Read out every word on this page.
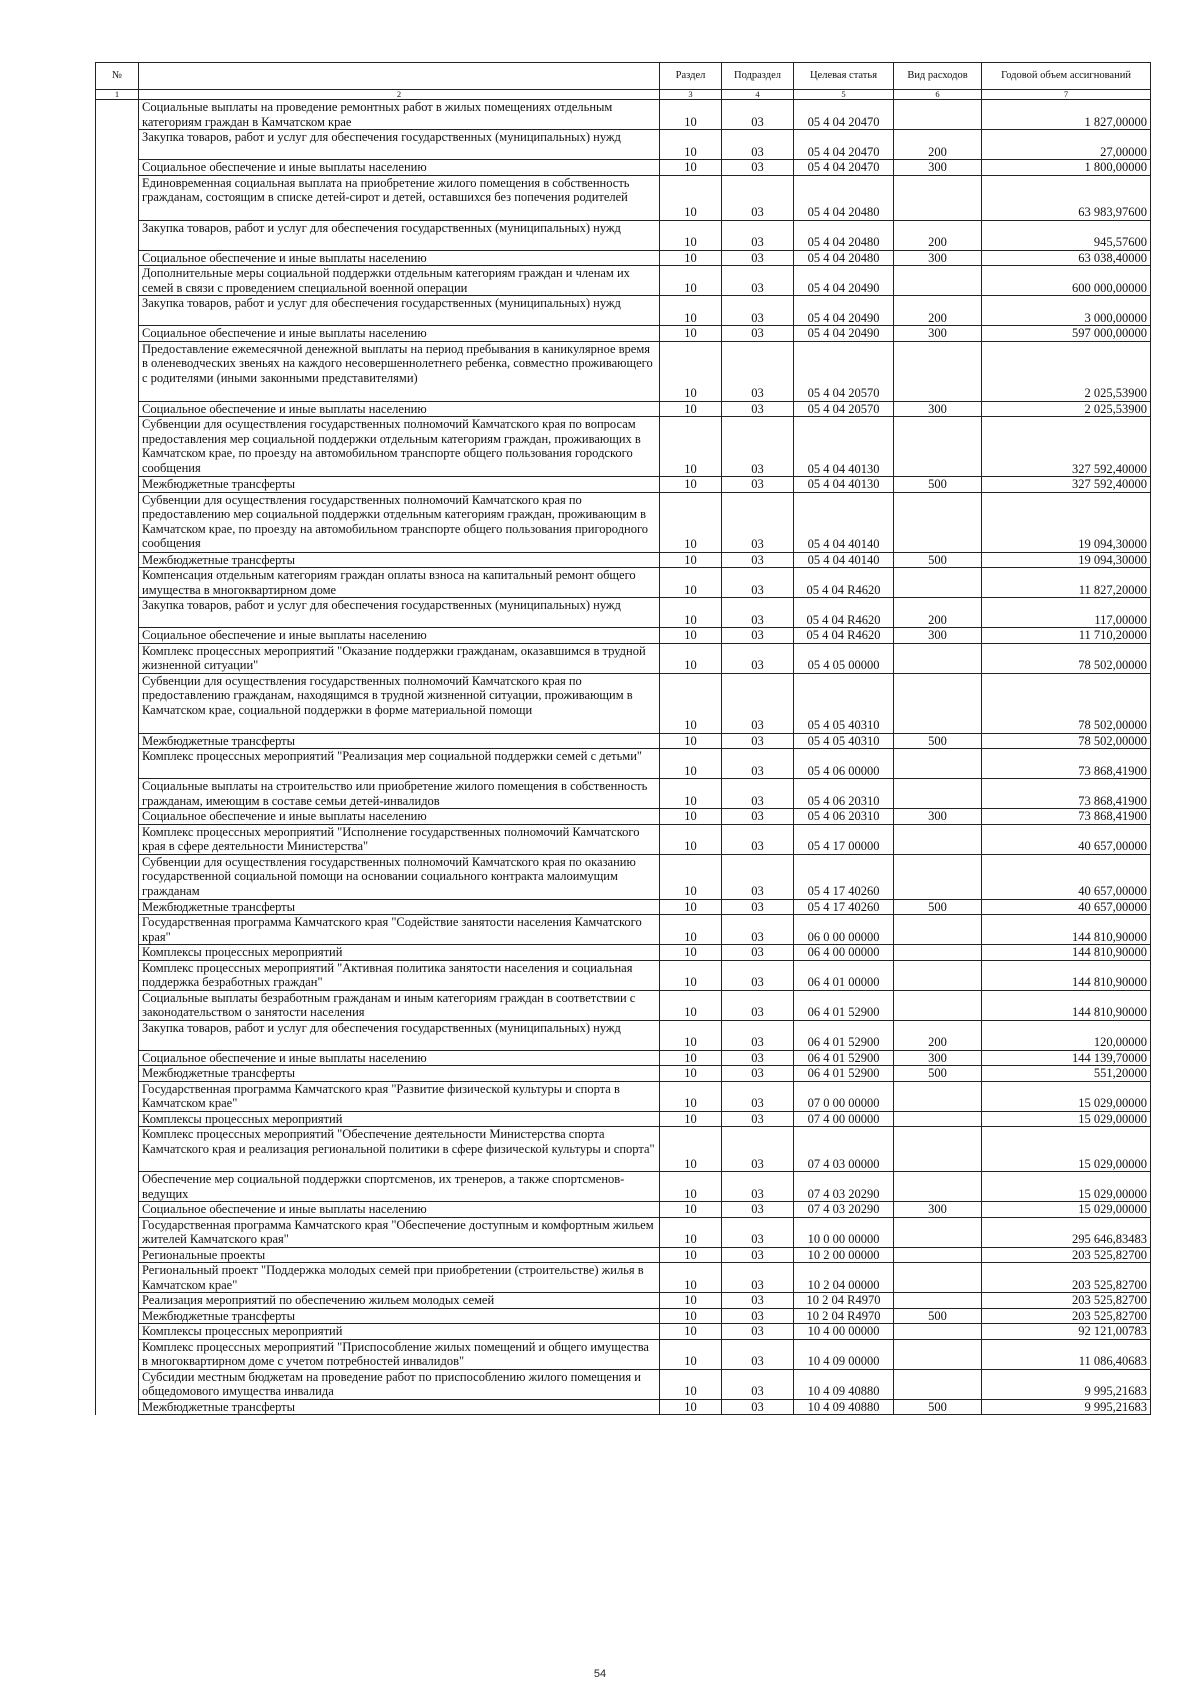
№		Раздел	Подраздел	Целевая статья	Вид расходов	Годовой объем ассигнований
1	2	3	4	5	6	7
	Социальные выплаты на проведение ремонтных работ в жилых помещениях отдельным категориям граждан в Камчатском крае	10	03	05 4 04 20470		1 827,00000
	Закупка товаров, работ и услуг для обеспечения государственных (муниципальных) нужд	10	03	05 4 04 20470	200	27,00000
	Социальное обеспечение и иные выплаты населению	10	03	05 4 04 20470	300	1 800,00000
	Единовременная социальная выплата на приобретение жилого помещения в собственность гражданам, состоящим в списке детей-сирот и детей, оставшихся без попечения родителей	10	03	05 4 04 20480		63 983,97600
	Закупка товаров, работ и услуг для обеспечения государственных (муниципальных) нужд	10	03	05 4 04 20480	200	945,57600
	Социальное обеспечение и иные выплаты населению	10	03	05 4 04 20480	300	63 038,40000
	Дополнительные меры социальной поддержки отдельным категориям граждан и членам их семей в связи с проведением специальной военной операции	10	03	05 4 04 20490		600 000,00000
	Закупка товаров, работ и услуг для обеспечения государственных (муниципальных) нужд	10	03	05 4 04 20490	200	3 000,00000
	Социальное обеспечение и иные выплаты населению	10	03	05 4 04 20490	300	597 000,00000
	Предоставление ежемесячной денежной выплаты на период пребывания в каникулярное время в оленеводческих звеньях на каждого несовершеннолетнего ребенка, совместно проживающего с родителями (иными законными представителями)	10	03	05 4 04 20570		2 025,53900
	Социальное обеспечение и иные выплаты населению	10	03	05 4 04 20570	300	2 025,53900
	Субвенции для осуществления государственных полномочий Камчатского края по вопросам предоставления мер социальной поддержки отдельным категориям граждан, проживающих в Камчатском крае, по проезду на автомобильном транспорте общего пользования городского сообщения	10	03	05 4 04 40130		327 592,40000
	Межбюджетные трансферты	10	03	05 4 04 40130	500	327 592,40000
	Субвенции для осуществления государственных полномочий Камчатского края по предоставлению мер социальной поддержки отдельным категориям граждан, проживающим в Камчатском крае, по проезду на автомобильном транспорте общего пользования пригородного сообщения	10	03	05 4 04 40140		19 094,30000
	Межбюджетные трансферты	10	03	05 4 04 40140	500	19 094,30000
	Компенсация отдельным категориям граждан оплаты взноса на капитальный ремонт общего имущества в многоквартирном доме	10	03	05 4 04 R4620		11 827,20000
	Закупка товаров, работ и услуг для обеспечения государственных (муниципальных) нужд	10	03	05 4 04 R4620	200	117,00000
	Социальное обеспечение и иные выплаты населению	10	03	05 4 04 R4620	300	11 710,20000
	Комплекс процессных мероприятий "Оказание поддержки гражданам, оказавшимся в трудной жизненной ситуации"	10	03	05 4 05 00000		78 502,00000
	Субвенции для осуществления государственных полномочий Камчатского края по предоставлению гражданам, находящимся в трудной жизненной ситуации, проживающим в Камчатском крае, социальной поддержки в форме материальной помощи	10	03	05 4 05 40310		78 502,00000
	Межбюджетные трансферты	10	03	05 4 05 40310	500	78 502,00000
	Комплекс процессных мероприятий "Реализация мер социальной поддержки семей с детьми"	10	03	05 4 06 00000		73 868,41900
	Социальные выплаты на строительство или приобретение жилого помещения в собственность гражданам, имеющим в составе семьи детей-инвалидов	10	03	05 4 06 20310		73 868,41900
	Социальное обеспечение и иные выплаты населению	10	03	05 4 06 20310	300	73 868,41900
	Комплекс процессных мероприятий "Исполнение государственных полномочий Камчатского края в сфере деятельности Министерства"	10	03	05 4 17 00000		40 657,00000
	Субвенции для осуществления государственных полномочий Камчатского края по оказанию государственной социальной помощи на основании социального контракта малоимущим гражданам	10	03	05 4 17 40260		40 657,00000
	Межбюджетные трансферты	10	03	05 4 17 40260	500	40 657,00000
	Государственная программа Камчатского края "Содействие занятости населения Камчатского края"	10	03	06 0 00 00000		144 810,90000
	Комплексы процессных мероприятий	10	03	06 4 00 00000		144 810,90000
	Комплекс процессных мероприятий "Активная политика занятости населения и социальная поддержка безработных граждан"	10	03	06 4 01 00000		144 810,90000
	Социальные выплаты безработным гражданам и иным категориям граждан в соответствии с законодательством о занятости населения	10	03	06 4 01 52900		144 810,90000
	Закупка товаров, работ и услуг для обеспечения государственных (муниципальных) нужд	10	03	06 4 01 52900	200	120,00000
	Социальное обеспечение и иные выплаты населению	10	03	06 4 01 52900	300	144 139,70000
	Межбюджетные трансферты	10	03	06 4 01 52900	500	551,20000
	Государственная программа Камчатского края "Развитие физической культуры и спорта в Камчатском крае"	10	03	07 0 00 00000		15 029,00000
	Комплексы процессных мероприятий	10	03	07 4 00 00000		15 029,00000
	Комплекс процессных мероприятий "Обеспечение деятельности Министерства спорта Камчатского края и реализация региональной политики в сфере физической культуры и спорта"	10	03	07 4 03 00000		15 029,00000
	Обеспечение мер социальной поддержки спортсменов, их тренеров, а также спортсменов-ведущих	10	03	07 4 03 20290		15 029,00000
	Социальное обеспечение и иные выплаты населению	10	03	07 4 03 20290	300	15 029,00000
	Государственная программа Камчатского края "Обеспечение доступным и комфортным жильем жителей Камчатского края"	10	03	10 0 00 00000		295 646,83483
	Региональные проекты	10	03	10 2 00 00000		203 525,82700
	Региональный проект "Поддержка молодых семей при приобретении (строительстве) жилья в Камчатском крае"	10	03	10 2 04 00000		203 525,82700
	Реализация мероприятий по обеспечению жильем молодых семей	10	03	10 2 04 R4970		203 525,82700
	Межбюджетные трансферты	10	03	10 2 04 R4970	500	203 525,82700
	Комплексы процессных мероприятий	10	03	10 4 00 00000		92 121,00783
	Комплекс процессных мероприятий "Приспособление жилых помещений и общего имущества в многоквартирном доме с учетом потребностей инвалидов"	10	03	10 4 09 00000		11 086,40683
	Субсидии местным бюджетам на проведение работ по приспособлению жилого помещения и общедомового имущества инвалида	10	03	10 4 09 40880		9 995,21683
	Межбюджетные трансферты	10	03	10 4 09 40880	500	9 995,21683
54
